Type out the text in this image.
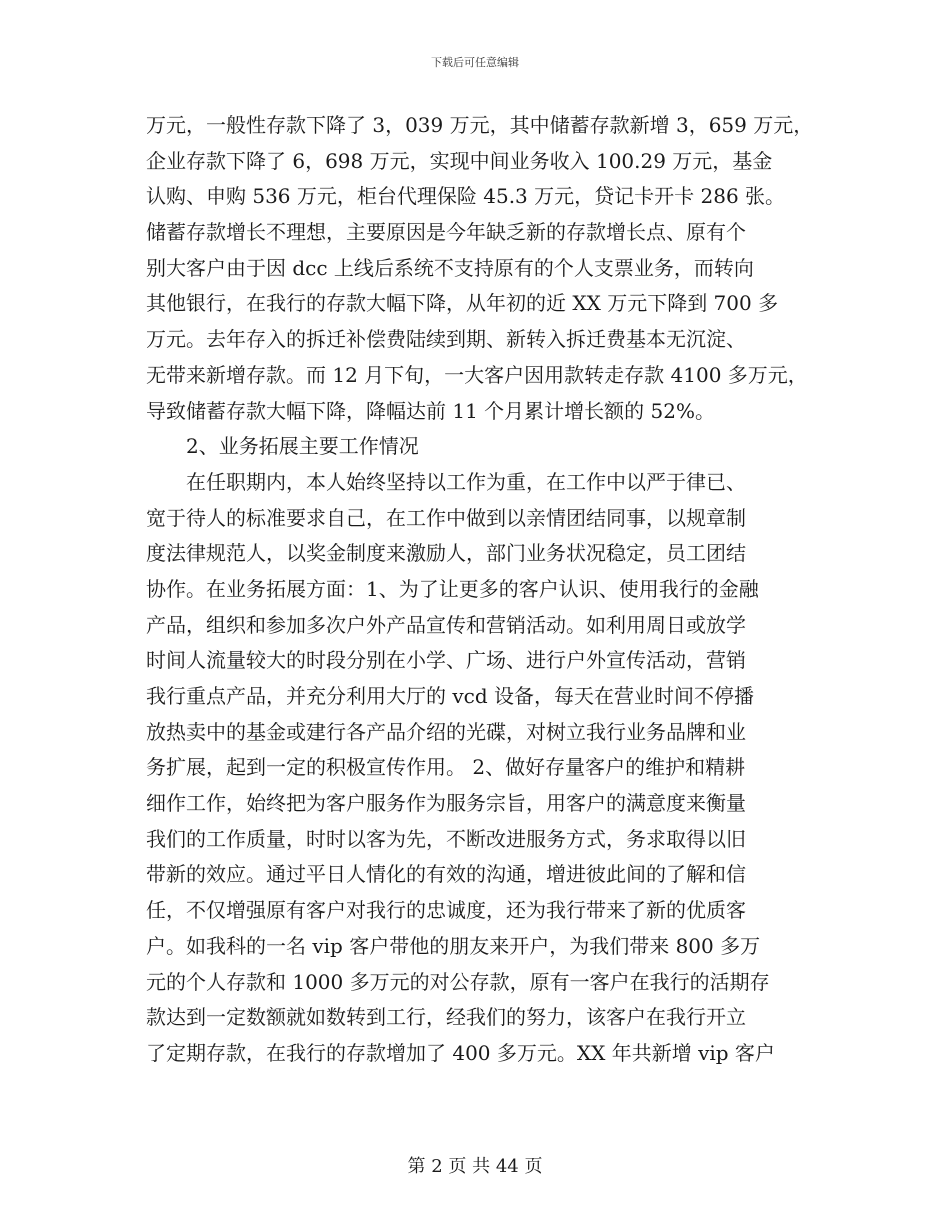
下载后可任意编辑
万元，一般性存款下降了 3，039 万元，其中储蓄存款新增 3，659 万元，
企业存款下降了 6，698 万元，实现中间业务收入 100.29 万元，基金
认购、申购 536 万元，柜台代理保险 45.3 万元，贷记卡开卡 286 张。
储蓄存款增长不理想，主要原因是今年缺乏新的存款增长点、原有个
别大客户由于因 dcc 上线后系统不支持原有的个人支票业务，而转向
其他银行，在我行的存款大幅下降，从年初的近 XX 万元下降到 700 多
万元。去年存入的拆迁补偿费陆续到期、新转入拆迁费基本无沉淀、
无带来新增存款。而 12 月下旬，一大客户因用款转走存款 4100 多万元，
导致储蓄存款大幅下降，降幅达前 11 个月累计增长额的 52%。
2、业务拓展主要工作情况
在任职期内，本人始终坚持以工作为重，在工作中以严于律已、
宽于待人的标准要求自己，在工作中做到以亲情团结同事，以规章制
度法律规范人，以奖金制度来激励人，部门业务状况稳定，员工团结
协作。在业务拓展方面：1、为了让更多的客户认识、使用我行的金融
产品，组织和参加多次户外产品宣传和营销活动。如利用周日或放学
时间人流量较大的时段分别在小学、广场、进行户外宣传活动，营销
我行重点产品，并充分利用大厅的 vcd 设备，每天在营业时间不停播
放热卖中的基金或建行各产品介绍的光碟，对树立我行业务品牌和业
务扩展，起到一定的积极宣传作用。 2、做好存量客户的维护和精耕
细作工作，始终把为客户服务作为服务宗旨，用客户的满意度来衡量
我们的工作质量，时时以客为先，不断改进服务方式，务求取得以旧
带新的效应。通过平日人情化的有效的沟通，增进彼此间的了解和信
任，不仅增强原有客户对我行的忠诚度，还为我行带来了新的优质客
户。如我科的一名 vip 客户带他的朋友来开户，为我们带来 800 多万
元的个人存款和 1000 多万元的对公存款，原有一客户在我行的活期存
款达到一定数额就如数转到工行，经我们的努力，该客户在我行开立
了定期存款，在我行的存款增加了 400 多万元。XX 年共新增 vip 客户
第 2 页 共 44 页
